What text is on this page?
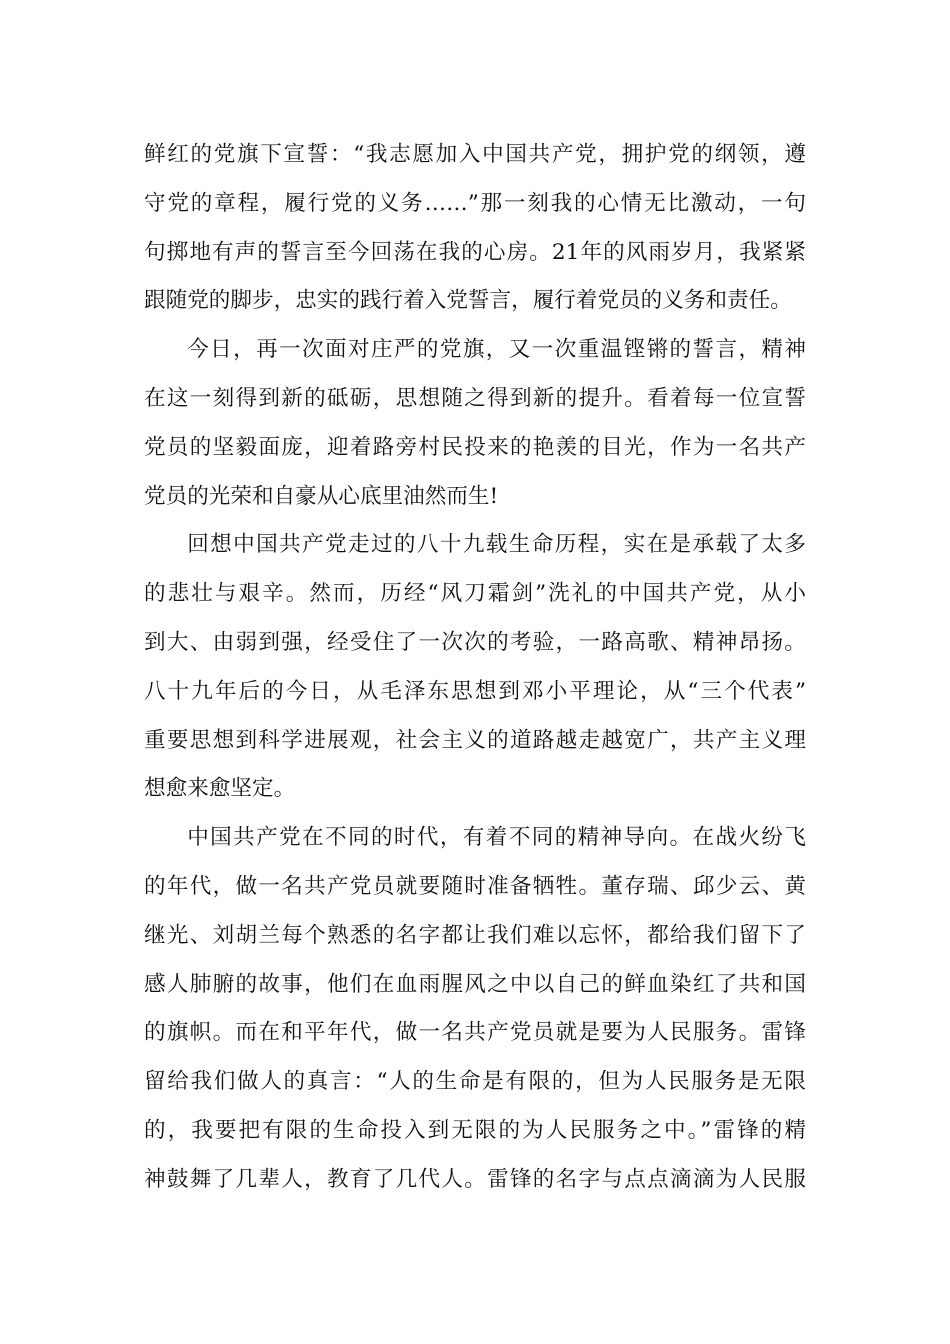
鲜红的党旗下宣誓：“我志愿加入中国共产党，拥护党的纲领，遵
守党的章程，履行党的义务……”那一刻我的心情无比激动，一句
句掷地有声的誓言至今回荡在我的心房。21年的风雨岁月，我紧紧
跟随党的脚步，忠实的践行着入党誓言，履行着党员的义务和责任。
今日，再一次面对庄严的党旗，又一次重温铿锵的誓言，精神
在这一刻得到新的砥砺，思想随之得到新的提升。看着每一位宣誓
党员的坚毅面庞，迎着路旁村民投来的艳羡的目光，作为一名共产
党员的光荣和自豪从心底里油然而生!
回想中国共产党走过的八十九载生命历程，实在是承载了太多
的悲壮与艰辛。然而，历经“风刀霜剑”洗礼的中国共产党，从小
到大、由弱到强，经受住了一次次的考验，一路高歌、精神昂扬。
八十九年后的今日，从毛泽东思想到邓小平理论，从“三个代表”
重要思想到科学进展观，社会主义的道路越走越宽广，共产主义理
想愈来愈坚定。
中国共产党在不同的时代，有着不同的精神导向。在战火纷飞
的年代，做一名共产党员就要随时准备牺牲。董存瑞、邱少云、黄
继光、刘胡兰每个熟悉的名字都让我们难以忘怀，都给我们留下了
感人肺腑的故事，他们在血雨腥风之中以自己的鲜血染红了共和国
的旗帜。而在和平年代，做一名共产党员就是要为人民服务。雷锋
留给我们做人的真言：“人的生命是有限的，但为人民服务是无限
的，我要把有限的生命投入到无限的为人民服务之中。”雷锋的精
神鼓舞了几辈人，教育了几代人。雷锋的名字与点点滴滴为人民服
